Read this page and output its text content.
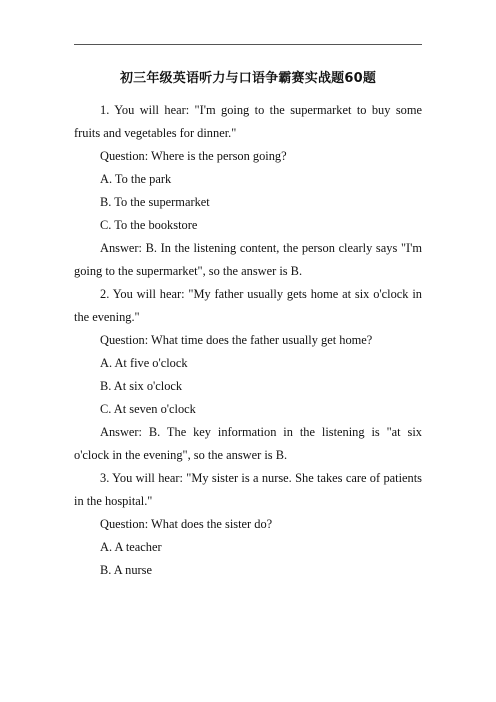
初三年级英语听力与口语争霸赛实战题60题

1. You will hear: "I'm going to the supermarket to buy some fruits and vegetables for dinner."

Question: Where is the person going?

A. To the park

B. To the supermarket

C. To the bookstore

Answer: B. In the listening content, the person clearly says "I'm going to the supermarket", so the answer is B.

2. You will hear: "My father usually gets home at six o'clock in the evening."

Question: What time does the father usually get home?

A. At five o'clock

B. At six o'clock

C. At seven o'clock

Answer: B. The key information in the listening is "at six o'clock in the evening", so the answer is B.

3. You will hear: "My sister is a nurse. She takes care of patients in the hospital."

Question: What does the sister do?

A. A teacher

B. A nurse
